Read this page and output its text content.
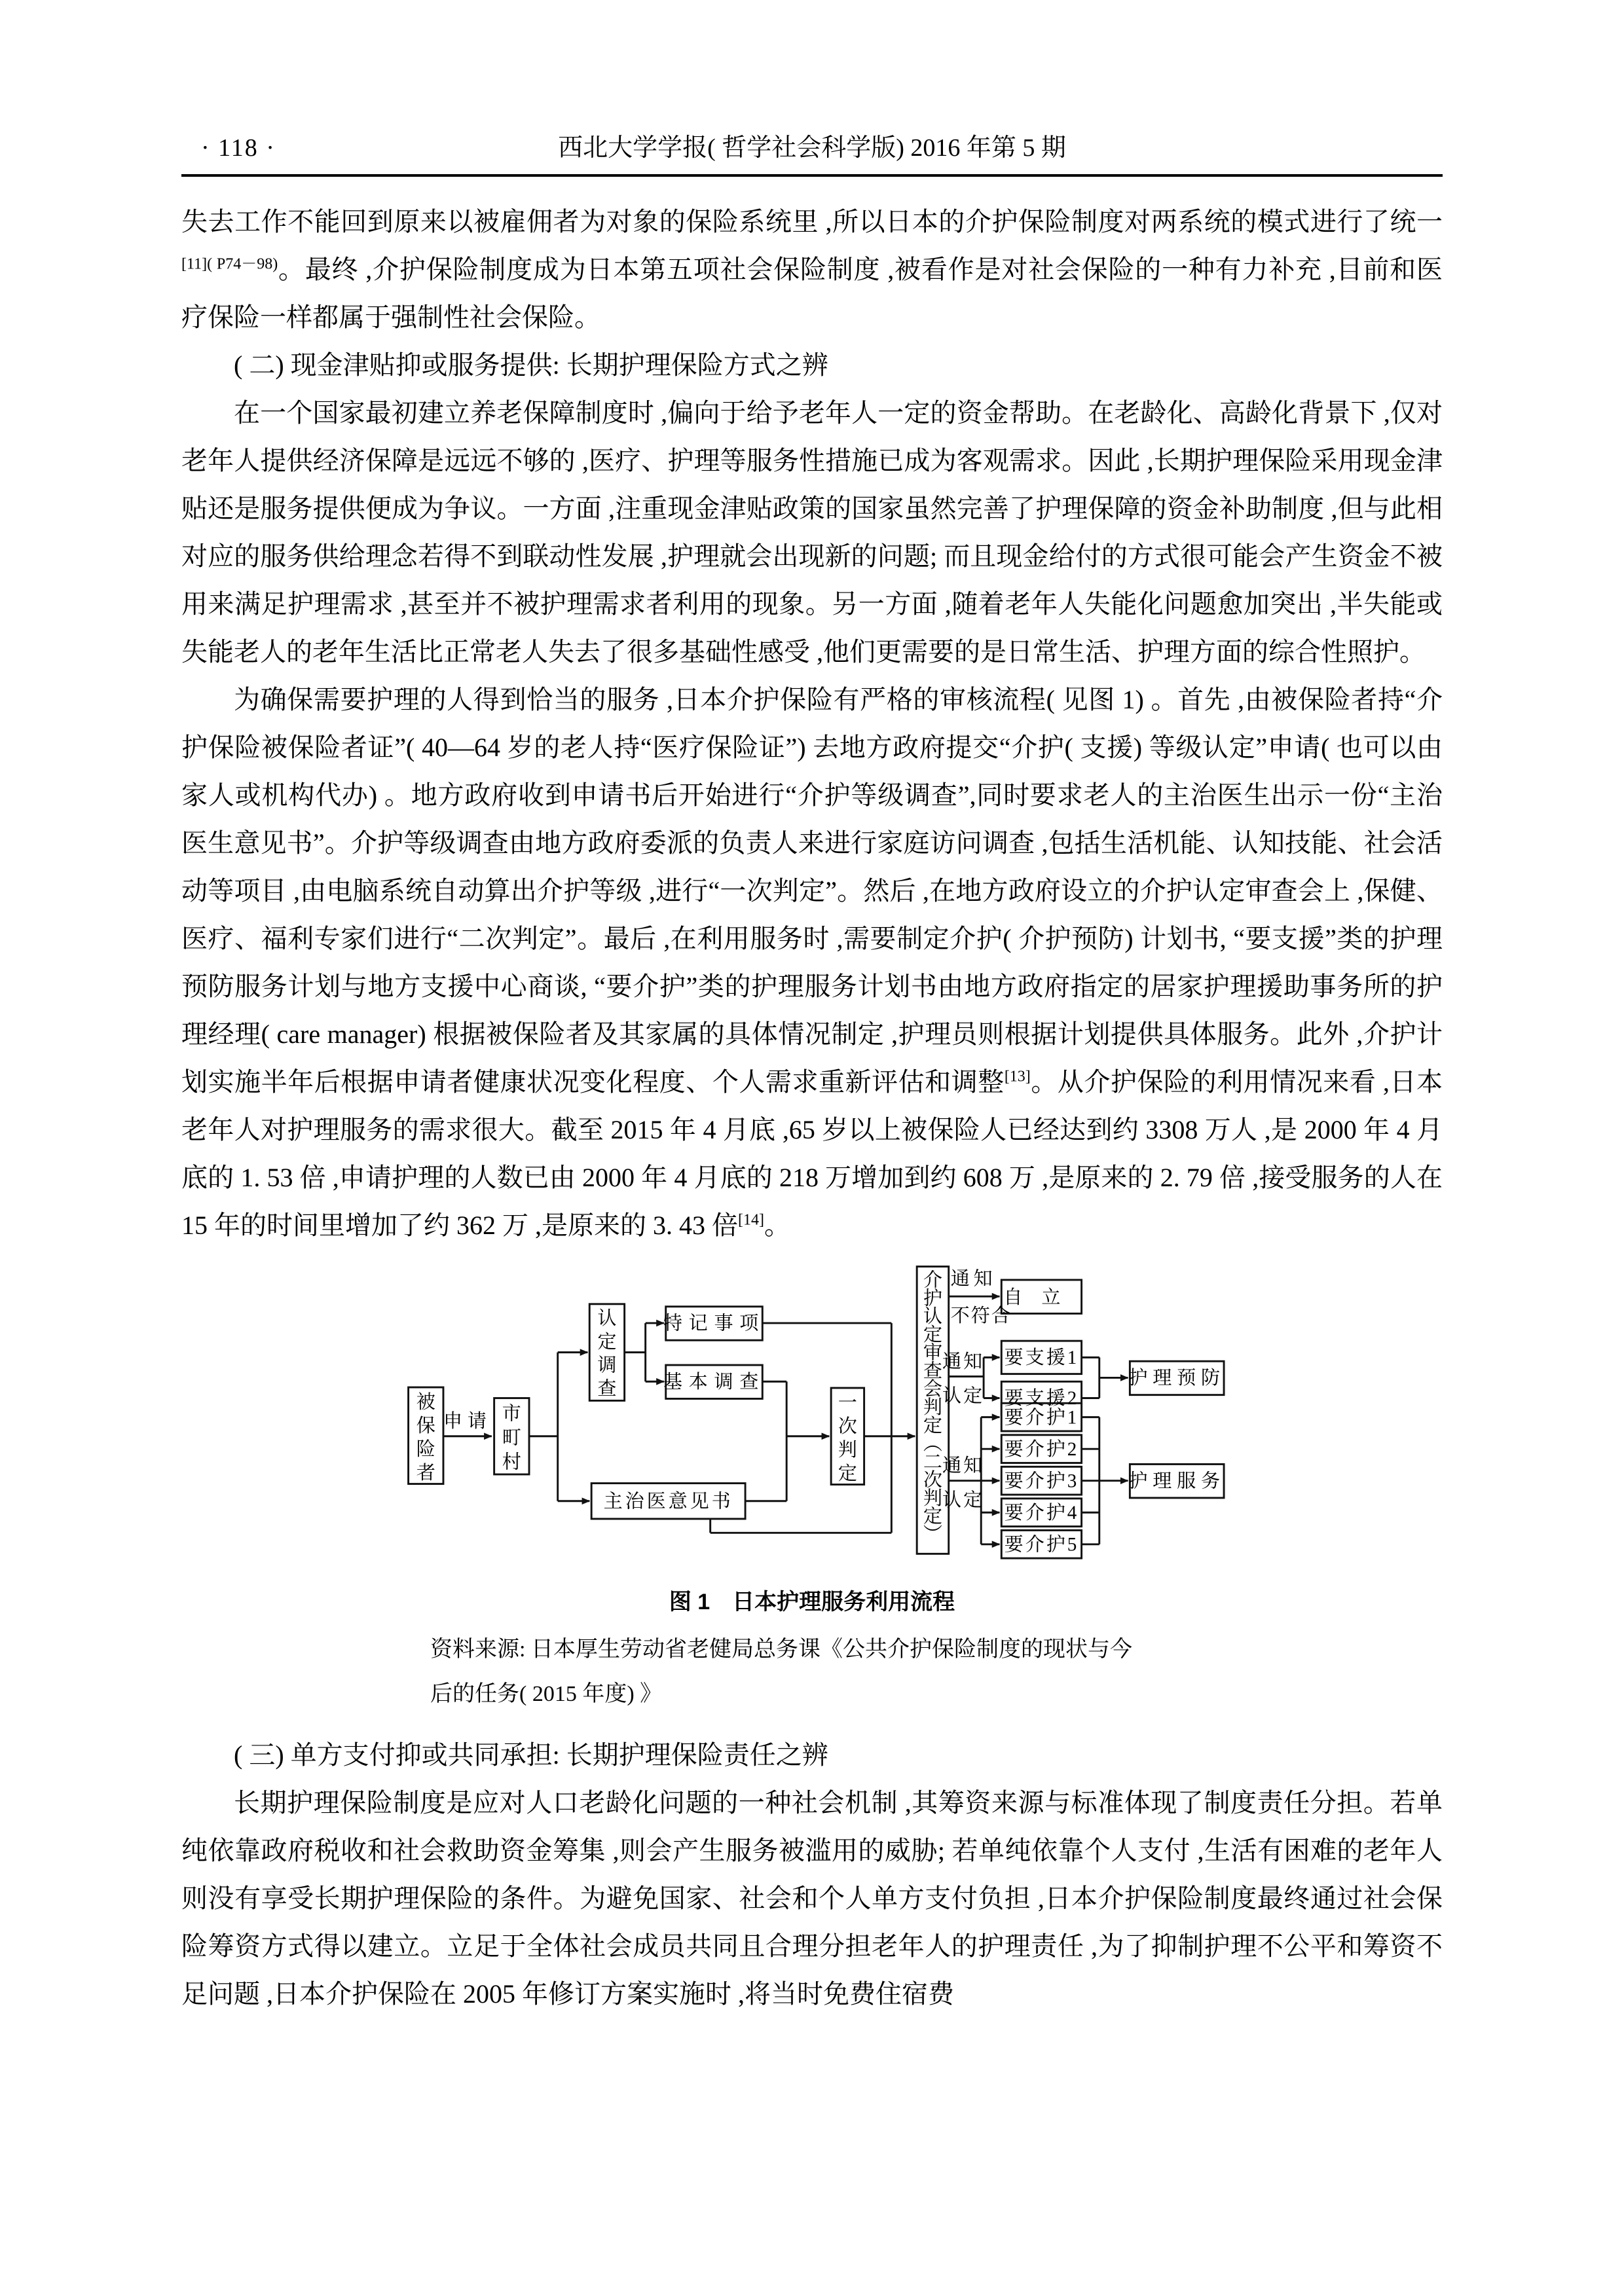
· 118 ·	西北大学学报( 哲学社会科学版) 2016 年第 5 期

失去工作不能回到原来以被雇佣者为对象的保险系统里 ,所以日本的介护保险制度对两系统的模式进行了统一$^{[11]( P74-98)}$。最终 ,介护保险制度成为日本第五项社会保险制度 ,被看作是对社会保险的一种有力补充 ,目前和医疗保险一样都属于强制性社会保险。

( 二) 现金津贴抑或服务提供: 长期护理保险方式之辨

在一个国家最初建立养老保障制度时 ,偏向于给予老年人一定的资金帮助。在老龄化、高龄化背景下 ,仅对老年人提供经济保障是远远不够的 ,医疗、护理等服务性措施已成为客观需求。因此 ,长期护理保险采用现金津贴还是服务提供便成为争议。一方面 ,注重现金津贴政策的国家虽然完善了护理保障的资金补助制度 ,但与此相对应的服务供给理念若得不到联动性发展 ,护理就会出现新的问题; 而且现金给付的方式很可能会产生资金不被用来满足护理需求 ,甚至并不被护理需求者利用的现象。另一方面 ,随着老年人失能化问题愈加突出 ,半失能或失能老人的老年生活比正常老人失去了很多基础性感受 ,他们更需要的是日常生活、护理方面的综合性照护。

为确保需要护理的人得到恰当的服务 ,日本介护保险有严格的审核流程( 见图 1) 。首先 ,由被保险者持“介护保险被保险者证”( 40—64 岁的老人持“医疗保险证”) 去地方政府提交“介护( 支援) 等级认定”申请( 也可以由家人或机构代办) 。地方政府收到申请书后开始进行“介护等级调查”,同时要求老人的主治医生出示一份“主治医生意见书”。介护等级调查由地方政府委派的负责人来进行家庭访问调查 ,包括生活机能、认知技能、社会活动等项目 ,由电脑系统自动算出介护等级 ,进行“一次判定”。然后 ,在地方政府设立的介护认定审查会上 ,保健、医疗、福利专家们进行“二次判定”。最后 ,在利用服务时 ,需要制定介护( 介护预防) 计划书, “要支援”类的护理预防服务计划与地方支援中心商谈, “要介护”类的护理服务计划书由地方政府指定的居家护理援助事务所的护理经理( care manager) 根据被保险者及其家属的具体情况制定 ,护理员则根据计划提供具体服务。此外 ,介护计划实施半年后根据申请者健康状况变化程度、个人需求重新评估和调整[13]。从介护保险的利用情况来看 ,日本老年人对护理服务的需求很大。截至 2015 年 4 月底 ,65 岁以上被保险人已经达到约 3308 万人 ,是 2000 年 4 月底的 1. 53 倍 ,申请护理的人数已由 2000 年 4 月底的 218 万增加到约 608 万 ,是原来的 2. 79 倍 ,接受服务的人在 15 年的时间里增加了约 362 万 ,是原来的 3. 43 倍[14]。

被保险者
市町村
认定调查
一次判定
介护认定审查会判定︵二次判定︶
申请
特记事项
基本调查
主治医意见书
通知
不符合
自立
通知
认定
要支援1
要支援2
护理预防
通知
认定
要介护1
要介护2
要介护3
要介护4
要介护5
护理服务
图 1　日本护理服务利用流程
资料来源: 日本厚生劳动省老健局总务课《公共介护保险制度的现状与今
后的任务( 2015 年度) 》

( 三) 单方支付抑或共同承担: 长期护理保险责任之辨

长期护理保险制度是应对人口老龄化问题的一种社会机制 ,其筹资来源与标准体现了制度责任分担。若单纯依靠政府税收和社会救助资金筹集 ,则会产生服务被滥用的威胁; 若单纯依靠个人支付 ,生活有困难的老年人则没有享受长期护理保险的条件。为避免国家、社会和个人单方支付负担 ,日本介护保险制度最终通过社会保险筹资方式得以建立。立足于全体社会成员共同且合理分担老年人的护理责任 ,为了抑制护理不公平和筹资不足问题 ,日本介护保险在 2005 年修订方案实施时 ,将当时免费住宿费
